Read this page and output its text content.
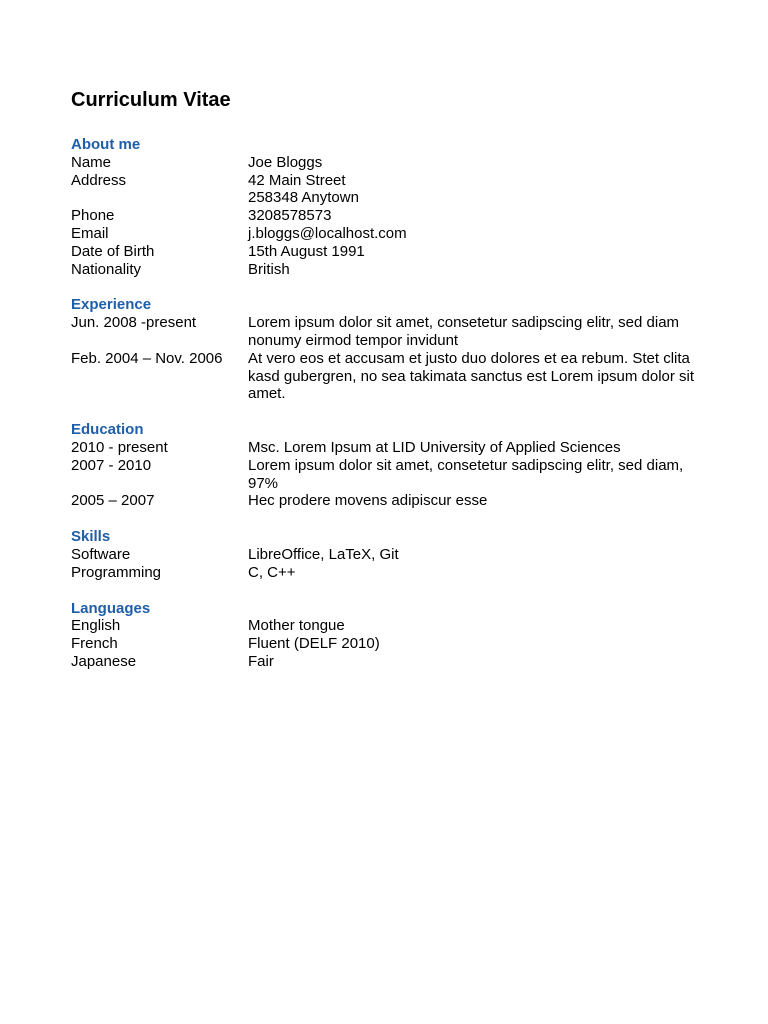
Curriculum Vitae
About me
Name	Joe Bloggs
Address	42 Main Street
258348 Anytown
Phone	3208578573
Email	j.bloggs@localhost.com
Date of Birth	15th August 1991
Nationality	British
Experience
Jun. 2008 -present	Lorem ipsum dolor sit amet, consetetur sadipscing elitr, sed diam nonumy eirmod tempor invidunt
Feb. 2004 – Nov. 2006	At vero eos et accusam et justo duo dolores et ea rebum. Stet clita kasd gubergren, no sea takimata sanctus est Lorem ipsum dolor sit amet.
Education
2010 - present	Msc. Lorem Ipsum at LID University of Applied Sciences
2007 - 2010	Lorem ipsum dolor sit amet, consetetur sadipscing elitr, sed diam, 97%
2005 – 2007	Hec prodere movens adipiscur esse
Skills
Software	LibreOffice, LaTeX, Git
Programming	C, C++
Languages
English	Mother tongue
French	Fluent (DELF 2010)
Japanese	Fair
